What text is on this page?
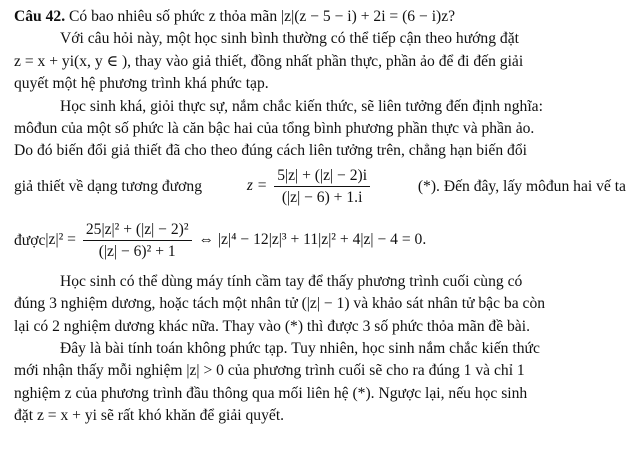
Câu 42. Có bao nhiêu số phức z thỏa mãn |z|(z − 5 − i) + 2i = (6 − i)z?

Với câu hỏi này, một học sinh bình thường có thể tiếp cận theo hướng đặt

z = x + yi(x, y ∈ ), thay vào giả thiết, đồng nhất phần thực, phần ảo để đi đến giải

quyết một hệ phương trình khá phức tạp.

Học sinh khá, giỏi thực sự, nắm chắc kiến thức, sẽ liên tưởng đến định nghĩa:

môđun của một số phức là căn bậc hai của tổng bình phương phần thực và phần ảo.

Do đó biến đổi giả thiết đã cho theo đúng cách liên tưởng trên, chẳng hạn biến đổi

giả thiết về dạng tương đương	$z = \frac{5|z| + (|z| - 2)i}{(|z| - 6) + 1.i}$	(*). Đến đây, lấy môđun hai vế ta
được $|z|^2 = \frac{\text{25|z|² + (|z| − 2)²}}{\text{(|z| − 6)² + 1}}$ ⇔ |z|⁴ − 12|z|³ + 11|z|² + 4|z| − 4 = 0.

Học sinh có thể dùng máy tính cầm tay để thấy phương trình cuối cùng có

đúng 3 nghiệm dương, hoặc tách một nhân tử (|z| − 1) và khảo sát nhân tử bậc ba còn

lại có 2 nghiệm dương khác nữa. Thay vào (*) thì được 3 số phức thỏa mãn đề bài.

Đây là bài tính toán không phức tạp. Tuy nhiên, học sinh nắm chắc kiến thức

mới nhận thấy mỗi nghiệm |z| > 0 của phương trình cuối sẽ cho ra đúng 1 và chỉ 1

nghiệm z của phương trình đầu thông qua mối liên hệ (*). Ngược lại, nếu học sinh

đặt z = x + yi sẽ rất khó khăn để giải quyết.
